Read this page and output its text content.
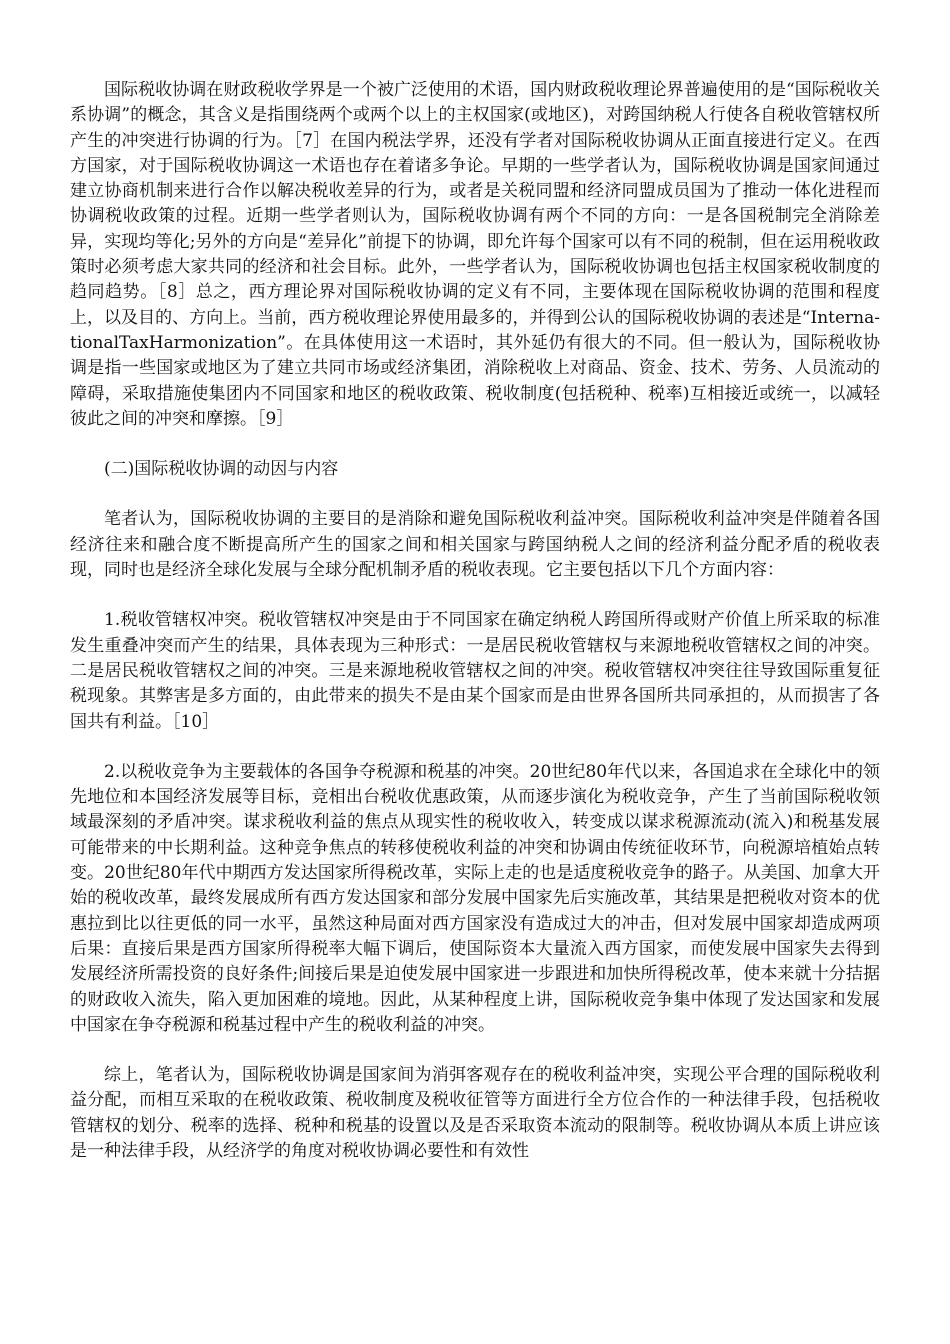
国际税收协调在财政税收学界是一个被广泛使用的术语，国内财政税收理论界普遍使用的是“国际税收关系协调”的概念，其含义是指围绕两个或两个以上的主权国家(或地区)，对跨国纳税人行使各自税收管辖权所产生的冲突进行协调的行为。［7］在国内税法学界，还没有学者对国际税收协调从正面直接进行定义。在西方国家，对于国际税收协调这一术语也存在着诸多争论。早期的一些学者认为，国际税收协调是国家间通过建立协商机制来进行合作以解决税收差异的行为，或者是关税同盟和经济同盟成员国为了推动一体化进程而协调税收政策的过程。近期一些学者则认为，国际税收协调有两个不同的方向：一是各国税制完全消除差异，实现均等化;另外的方向是“差异化”前提下的协调，即允许每个国家可以有不同的税制，但在运用税收政策时必须考虑大家共同的经济和社会目标。此外，一些学者认为，国际税收协调也包括主权国家税收制度的趋同趋势。［8］总之，西方理论界对国际税收协调的定义有不同，主要体现在国际税收协调的范围和程度上，以及目的、方向上。当前，西方税收理论界使用最多的，并得到公认的国际税收协调的表述是“Interna-tionalTaxHarmonization”。在具体使用这一术语时，其外延仍有很大的不同。但一般认为，国际税收协调是指一些国家或地区为了建立共同市场或经济集团，消除税收上对商品、资金、技术、劳务、人员流动的障碍，采取措施使集团内不同国家和地区的税收政策、税收制度(包括税种、税率)互相接近或统一，以减轻彼此之间的冲突和摩擦。［9］

(二)国际税收协调的动因与内容

笔者认为，国际税收协调的主要目的是消除和避免国际税收利益冲突。国际税收利益冲突是伴随着各国经济往来和融合度不断提高所产生的国家之间和相关国家与跨国纳税人之间的经济利益分配矛盾的税收表现，同时也是经济全球化发展与全球分配机制矛盾的税收表现。它主要包括以下几个方面内容：

1.税收管辖权冲突。税收管辖权冲突是由于不同国家在确定纳税人跨国所得或财产价值上所采取的标准发生重叠冲突而产生的结果，具体表现为三种形式：一是居民税收管辖权与来源地税收管辖权之间的冲突。二是居民税收管辖权之间的冲突。三是来源地税收管辖权之间的冲突。税收管辖权冲突往往导致国际重复征税现象。其弊害是多方面的，由此带来的损失不是由某个国家而是由世界各国所共同承担的，从而损害了各国共有利益。［10］

2.以税收竞争为主要载体的各国争夺税源和税基的冲突。20世纪80年代以来，各国追求在全球化中的领先地位和本国经济发展等目标，竞相出台税收优惠政策，从而逐步演化为税收竞争，产生了当前国际税收领域最深刻的矛盾冲突。谋求税收利益的焦点从现实性的税收收入，转变成以谋求税源流动(流入)和税基发展可能带来的中长期利益。这种竞争焦点的转移使税收利益的冲突和协调由传统征收环节，向税源培植始点转变。20世纪80年代中期西方发达国家所得税改革，实际上走的也是适度税收竞争的路子。从美国、加拿大开始的税收改革，最终发展成所有西方发达国家和部分发展中国家先后实施改革，其结果是把税收对资本的优惠拉到比以往更低的同一水平，虽然这种局面对西方国家没有造成过大的冲击，但对发展中国家却造成两项后果：直接后果是西方国家所得税率大幅下调后，使国际资本大量流入西方国家，而使发展中国家失去得到发展经济所需投资的良好条件;间接后果是迫使发展中国家进一步跟进和加快所得税改革，使本来就十分拮据的财政收入流失，陷入更加困难的境地。因此，从某种程度上讲，国际税收竞争集中体现了发达国家和发展中国家在争夺税源和税基过程中产生的税收利益的冲突。

综上，笔者认为，国际税收协调是国家间为消弭客观存在的税收利益冲突，实现公平合理的国际税收利益分配，而相互采取的在税收政策、税收制度及税收征管等方面进行全方位合作的一种法律手段，包括税收管辖权的划分、税率的选择、税种和税基的设置以及是否采取资本流动的限制等。税收协调从本质上讲应该是一种法律手段，从经济学的角度对税收协调必要性和有效性
